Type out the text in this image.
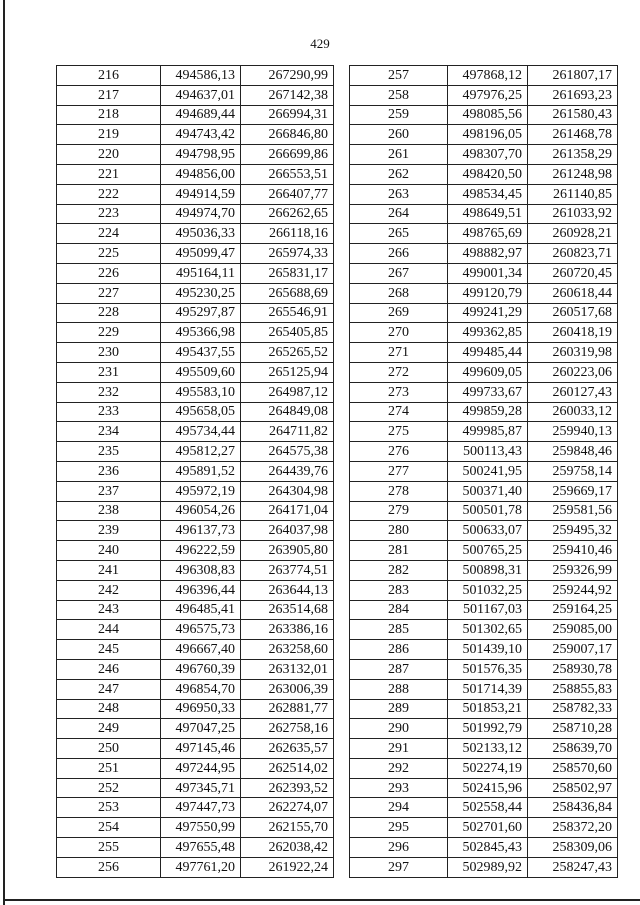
429
216	494586,13	267290,99
217	494637,01	267142,38
218	494689,44	266994,31
219	494743,42	266846,80
220	494798,95	266699,86
221	494856,00	266553,51
222	494914,59	266407,77
223	494974,70	266262,65
224	495036,33	266118,16
225	495099,47	265974,33
226	495164,11	265831,17
227	495230,25	265688,69
228	495297,87	265546,91
229	495366,98	265405,85
230	495437,55	265265,52
231	495509,60	265125,94
232	495583,10	264987,12
233	495658,05	264849,08
234	495734,44	264711,82
235	495812,27	264575,38
236	495891,52	264439,76
237	495972,19	264304,98
238	496054,26	264171,04
239	496137,73	264037,98
240	496222,59	263905,80
241	496308,83	263774,51
242	496396,44	263644,13
243	496485,41	263514,68
244	496575,73	263386,16
245	496667,40	263258,60
246	496760,39	263132,01
247	496854,70	263006,39
248	496950,33	262881,77
249	497047,25	262758,16
250	497145,46	262635,57
251	497244,95	262514,02
252	497345,71	262393,52
253	497447,73	262274,07
254	497550,99	262155,70
255	497655,48	262038,42
256	497761,20	261922,24
257	497868,12	261807,17
258	497976,25	261693,23
259	498085,56	261580,43
260	498196,05	261468,78
261	498307,70	261358,29
262	498420,50	261248,98
263	498534,45	261140,85
264	498649,51	261033,92
265	498765,69	260928,21
266	498882,97	260823,71
267	499001,34	260720,45
268	499120,79	260618,44
269	499241,29	260517,68
270	499362,85	260418,19
271	499485,44	260319,98
272	499609,05	260223,06
273	499733,67	260127,43
274	499859,28	260033,12
275	499985,87	259940,13
276	500113,43	259848,46
277	500241,95	259758,14
278	500371,40	259669,17
279	500501,78	259581,56
280	500633,07	259495,32
281	500765,25	259410,46
282	500898,31	259326,99
283	501032,25	259244,92
284	501167,03	259164,25
285	501302,65	259085,00
286	501439,10	259007,17
287	501576,35	258930,78
288	501714,39	258855,83
289	501853,21	258782,33
290	501992,79	258710,28
291	502133,12	258639,70
292	502274,19	258570,60
293	502415,96	258502,97
294	502558,44	258436,84
295	502701,60	258372,20
296	502845,43	258309,06
297	502989,92	258247,43
